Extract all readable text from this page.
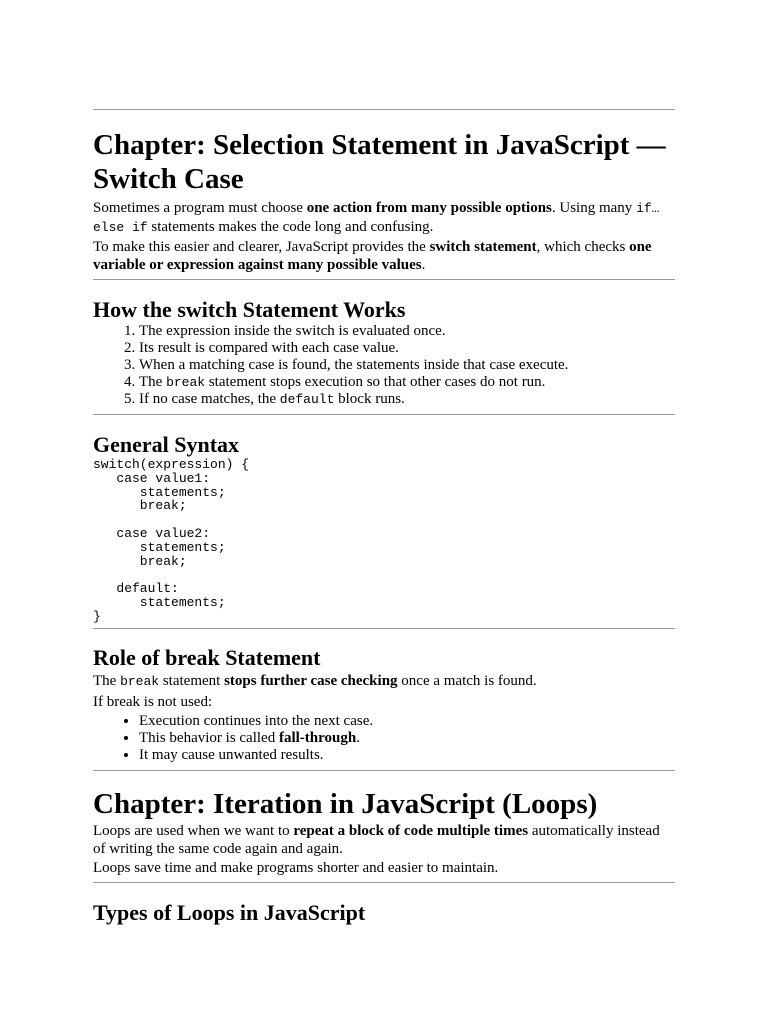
Chapter: Selection Statement in JavaScript — Switch Case

Sometimes a program must choose one action from many possible options. Using many if…else if statements makes the code long and confusing.

To make this easier and clearer, JavaScript provides the switch statement, which checks one variable or expression against many possible values.

How the switch Statement Works
1. The expression inside the switch is evaluated once.
2. Its result is compared with each case value.
3. When a matching case is found, the statements inside that case execute.
4. The break statement stops execution so that other cases do not run.
5. If no case matches, the default block runs.
General Syntax
switch(expression) {
case value1:
statements;
break;

case value2:
statements;
break;

default:
statements;
}
Role of break Statement

The break statement stops further case checking once a match is found.

If break is not used:

• Execution continues into the next case.
• This behavior is called fall-through.
• It may cause unwanted results.
Chapter: Iteration in JavaScript (Loops)

Loops are used when we want to repeat a block of code multiple times automatically instead of writing the same code again and again.

Loops save time and make programs shorter and easier to maintain.

Types of Loops in JavaScript
